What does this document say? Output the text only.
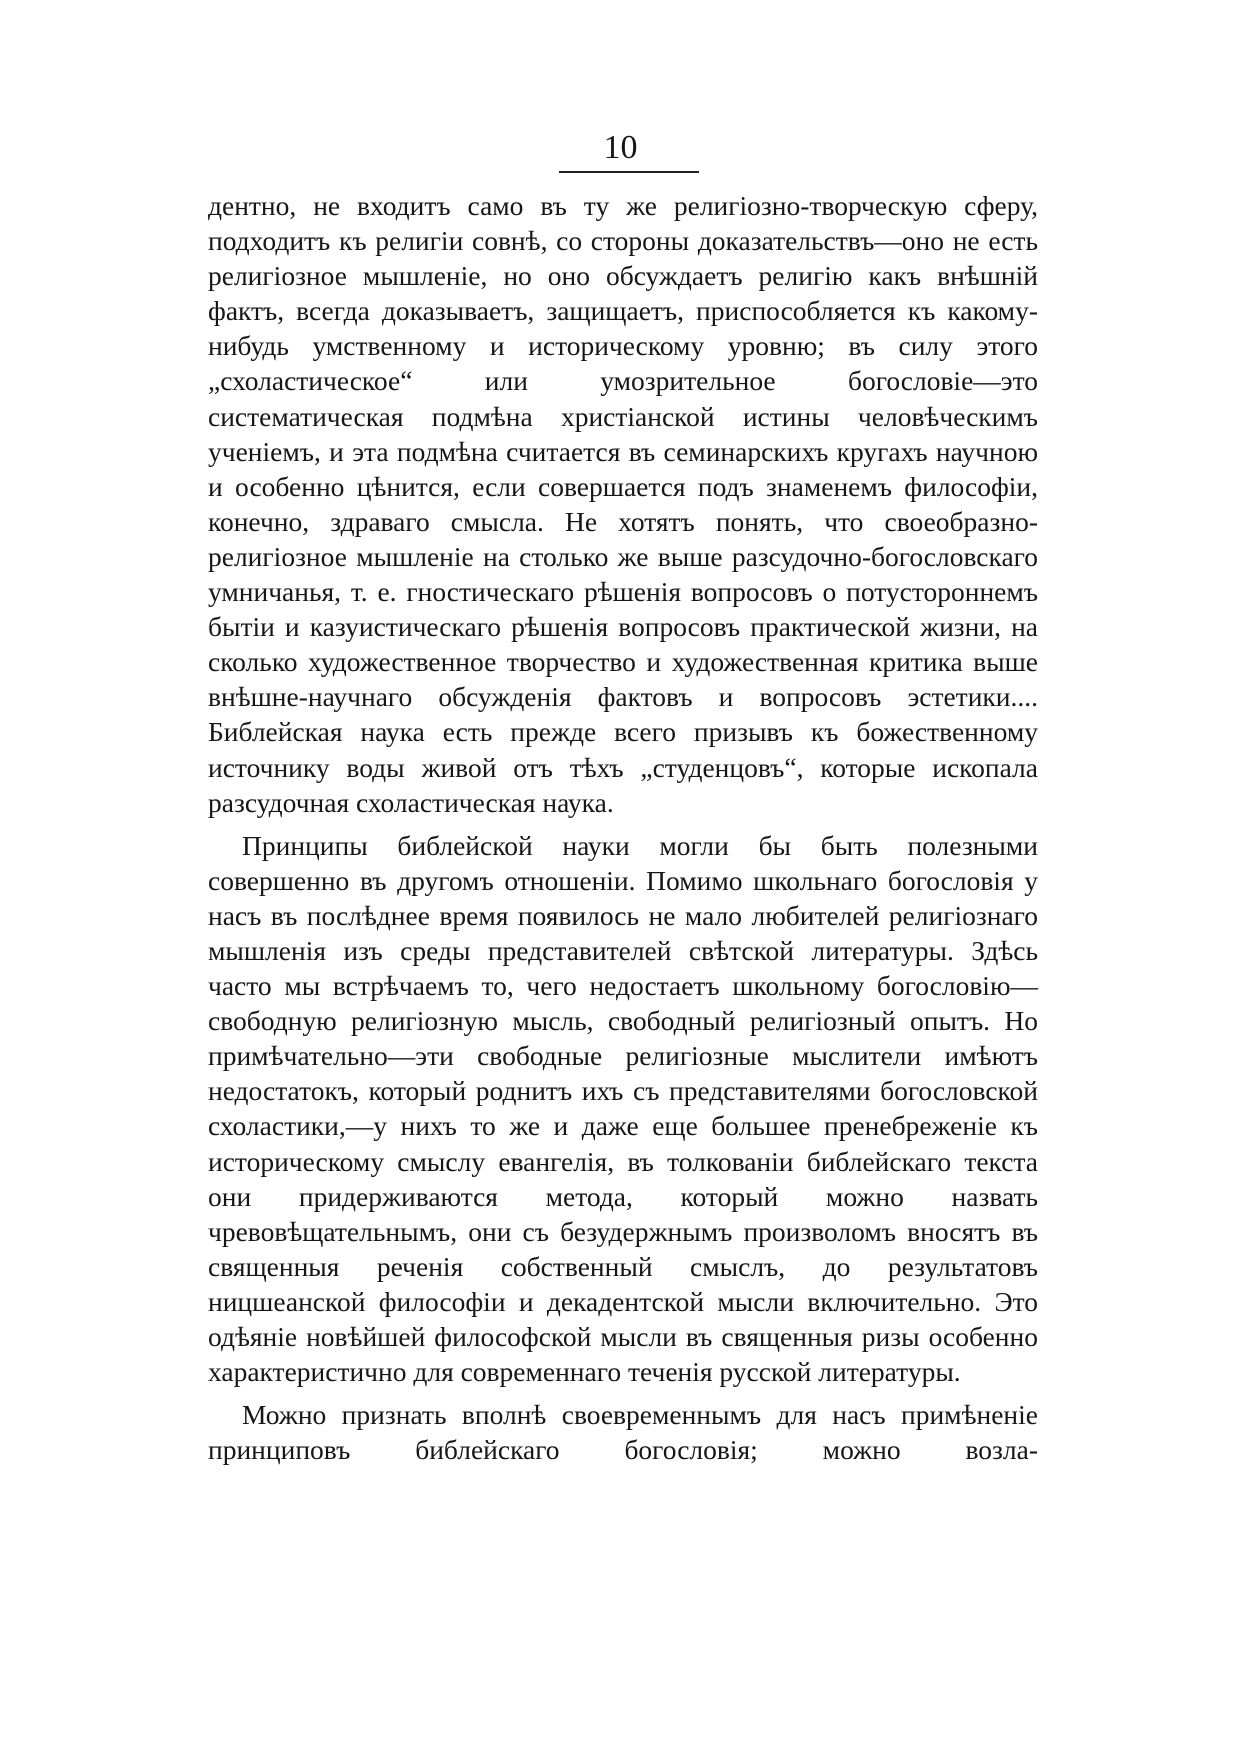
10

дентно, не входитъ само въ ту же религіозно-творческую сферу, подходитъ къ религіи совнѣ, со стороны доказательствъ—оно не есть религіозное мышленіе, но оно обсуждаетъ религію какъ внѣшній фактъ, всегда доказываетъ, защищаетъ, приспособляется къ какому-нибудь умственному и историческому уровню; въ силу этого „схоластическое“ или умозрительное богословіе—это систематическая подмѣна христіанской истины человѣческимъ ученіемъ, и эта подмѣна считается въ семинарскихъ кругахъ научною и особенно цѣнится, если совершается подъ знаменемъ философіи, конечно, здраваго смысла. Не хотятъ понять, что своеобразно-религіозное мышленіе на столько же выше разсудочно-богословскаго умничанья, т. е. гностическаго рѣшенія вопросовъ о потустороннемъ бытіи и казуистическаго рѣшенія вопросовъ практической жизни, на сколько художественное творчество и художественная критика выше внѣшне-научнаго обсужденія фактовъ и вопросовъ эстетики.... Библейская наука есть прежде всего призывъ къ божественному источнику воды живой отъ тѣхъ „студенцовъ“, которые ископала разсудочная схоластическая наука.

Принципы библейской науки могли бы быть полезными совершенно въ другомъ отношеніи. Помимо школьнаго богословія у насъ въ послѣднее время появилось не мало любителей религіознаго мышленія изъ среды представителей свѣтской литературы. Здѣсь часто мы встрѣчаемъ то, чего недостаетъ школьному богословію—свободную религіозную мысль, свободный религіозный опытъ. Но примѣчательно—эти свободные религіозные мыслители имѣютъ недостатокъ, который роднитъ ихъ съ представителями богословской схоластики,—у нихъ то же и даже еще большее пренебреженіе къ историческому смыслу евангелія, въ толкованіи библейскаго текста они придерживаются метода, который можно назвать чревовѣщательнымъ, они съ безудержнымъ произволомъ вносятъ въ священныя реченія собственный смыслъ, до результатовъ ницшеанской философіи и декадентской мысли включительно. Это одѣяніе новѣйшей философской мысли въ священныя ризы особенно характеристично для современнаго теченія русской литературы.

Можно признать вполнѣ своевременнымъ для насъ примѣненіе принциповъ библейскаго богословія; можно возла-
